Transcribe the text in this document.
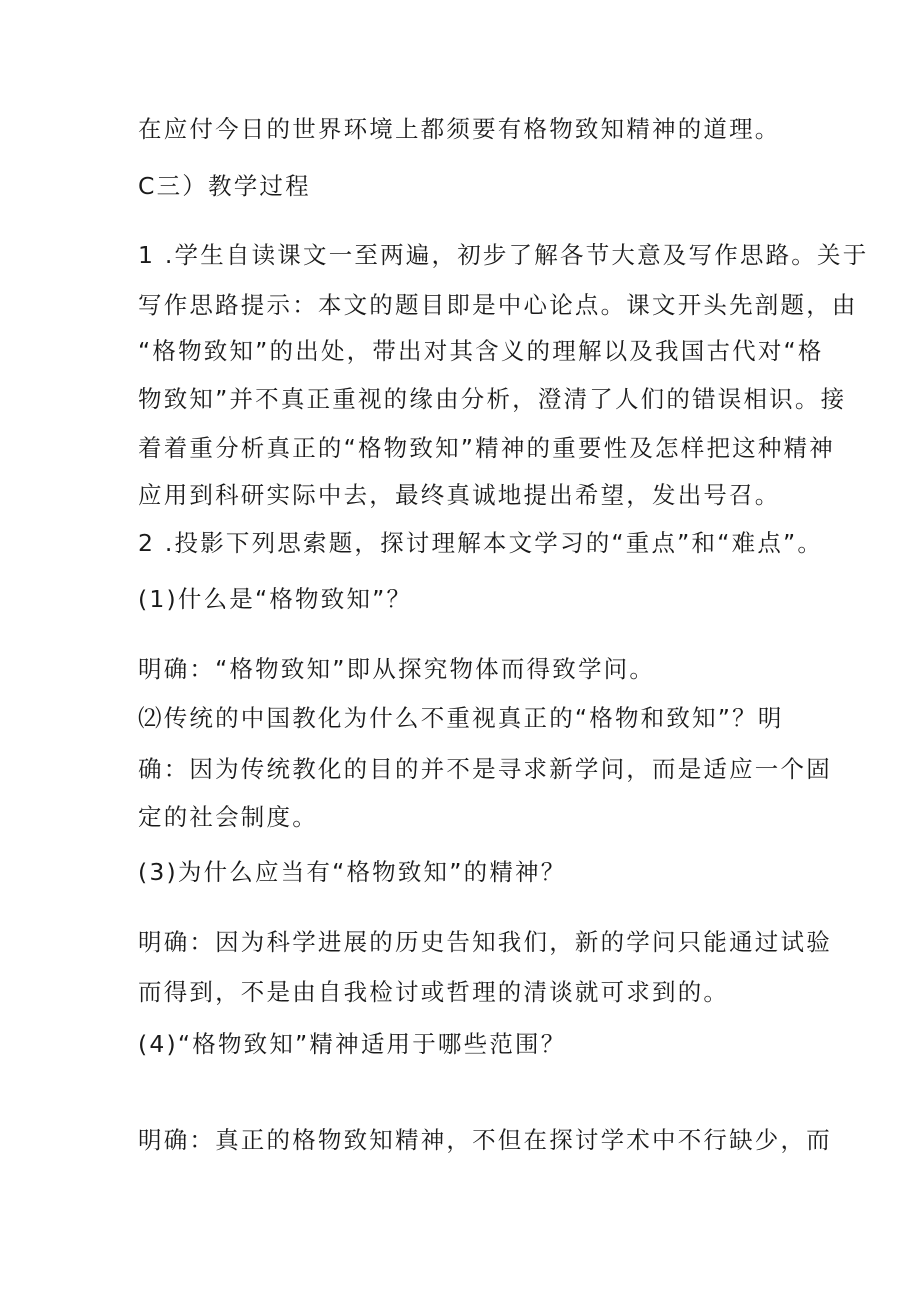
在应付今日的世界环境上都须要有格物致知精神的道理。
C三）教学过程
1 .学生自读课文一至两遍，初步了解各节大意及写作思路。关于
写作思路提示：本文的题目即是中心论点。课文开头先剖题，由
“格物致知”的出处，带出对其含义的理解以及我国古代对“格
物致知”并不真正重视的缘由分析，澄清了人们的错误相识。接
着着重分析真正的“格物致知”精神的重要性及怎样把这种精神
应用到科研实际中去，最终真诚地提出希望，发出号召。
2 .投影下列思索题，探讨理解本文学习的“重点”和“难点”。
(1)什么是“格物致知”？
明确：“格物致知”即从探究物体而得致学问。
⑵传统的中国教化为什么不重视真正的“格物和致知”？明
确：因为传统教化的目的并不是寻求新学问，而是适应一个固
定的社会制度。
(3)为什么应当有“格物致知”的精神？
明确：因为科学进展的历史告知我们，新的学问只能通过试验
而得到，不是由自我检讨或哲理的清谈就可求到的。
(4)“格物致知”精神适用于哪些范围？
明确：真正的格物致知精神，不但在探讨学术中不行缺少，而
